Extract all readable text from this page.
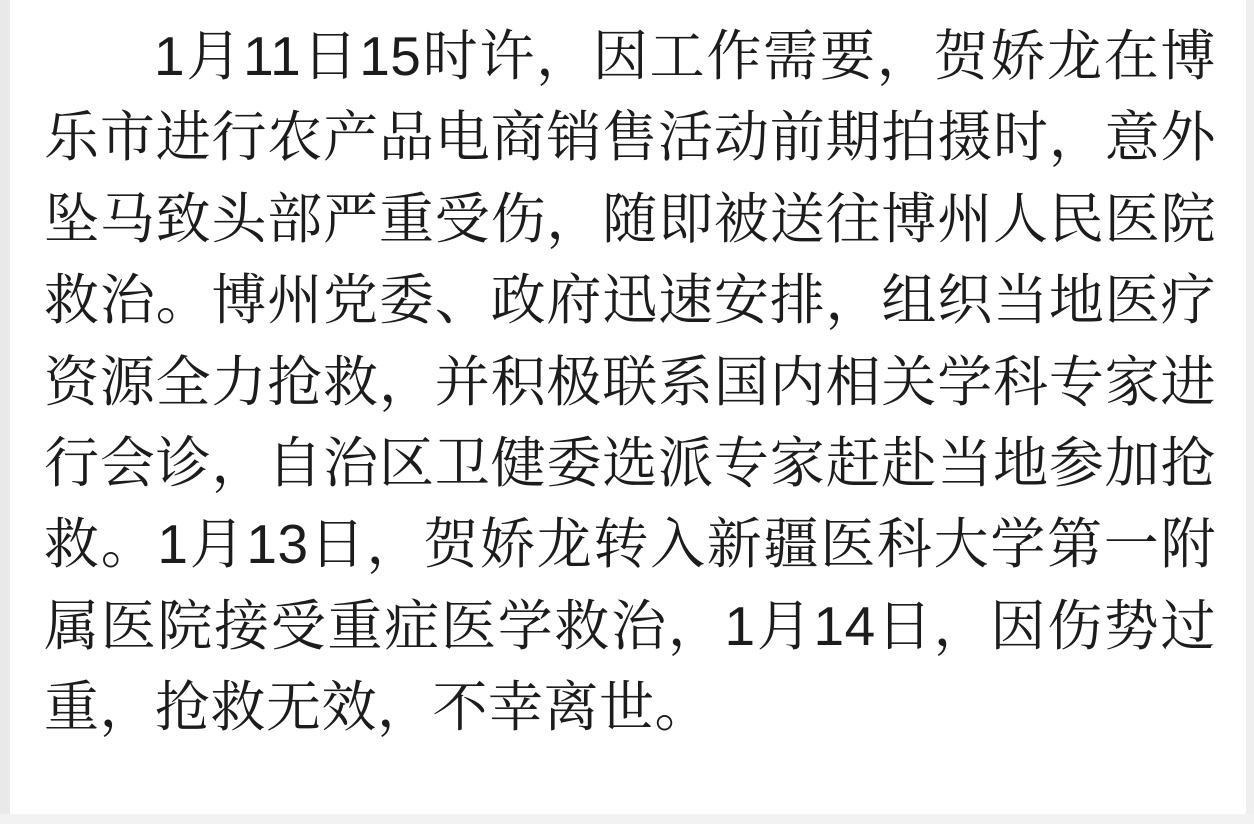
1月11日15时许，因工作需要，贺娇龙在博乐市进行农产品电商销售活动前期拍摄时，意外坠马致头部严重受伤，随即被送往博州人民医院救治。博州党委、政府迅速安排，组织当地医疗资源全力抢救，并积极联系国内相关学科专家进行会诊，自治区卫健委选派专家赶赴当地参加抢救。1月13日，贺娇龙转入新疆医科大学第一附属医院接受重症医学救治，1月14日，因伤势过重，抢救无效，不幸离世。
